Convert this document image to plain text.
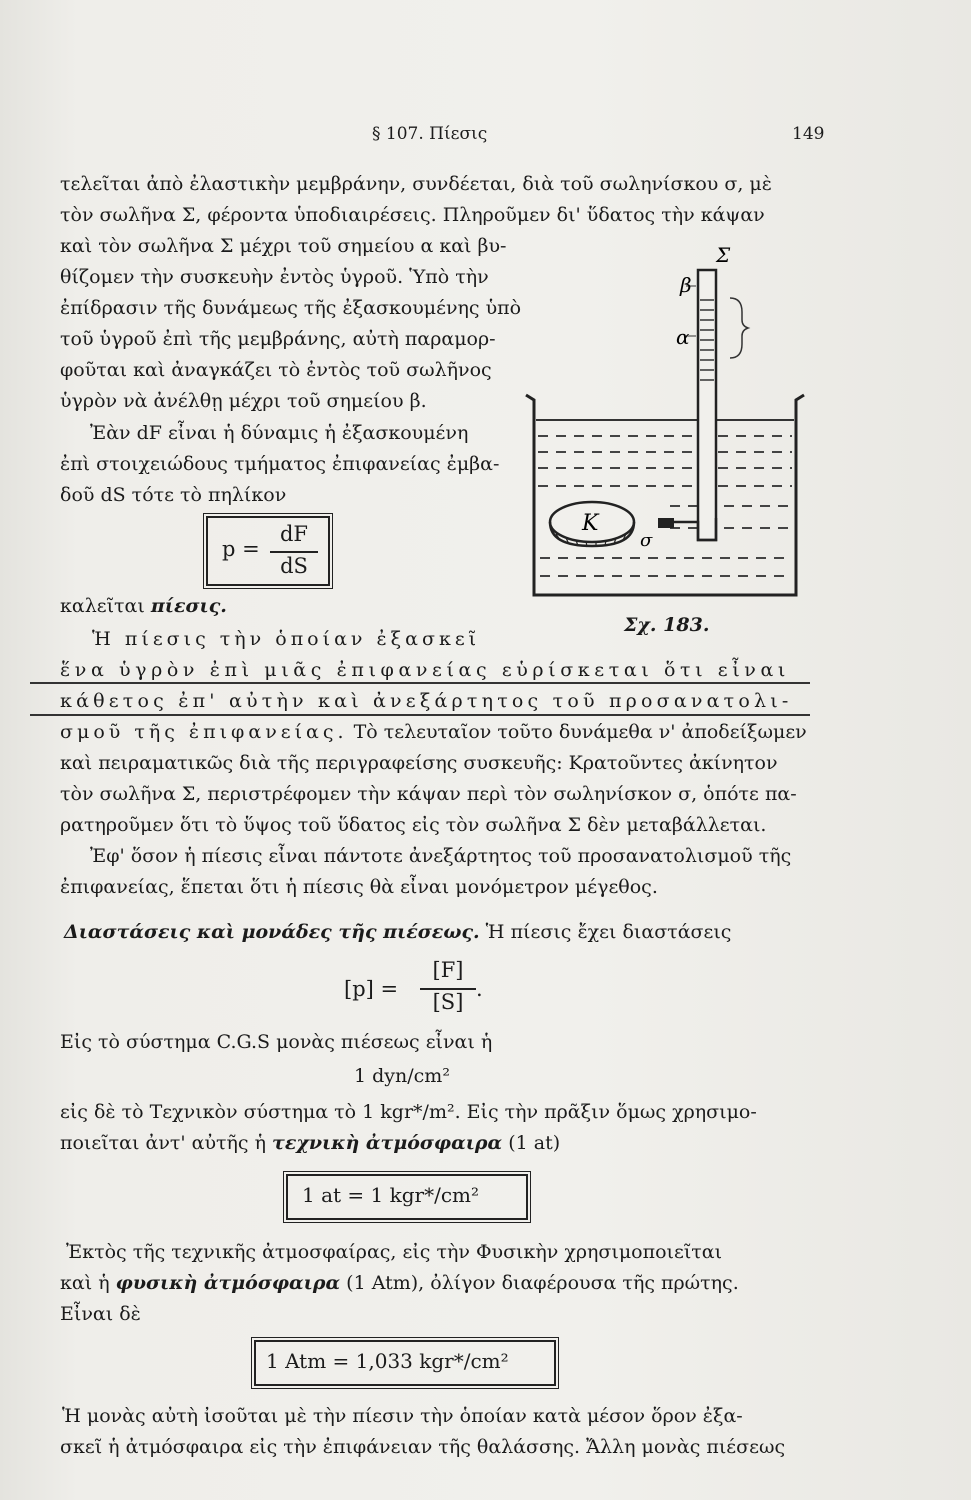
§ 107. Πίεσις	149
τελεῖται ἀπὸ ἐλαστικὴν μεμβράνην, συνδέεται, διὰ τοῦ σωληνίσκου σ, μὲ
τὸν σωλῆνα Σ, φέροντα ὑποδιαιρέσεις. Πληροῦμεν δι' ὕδατος τὴν κάψαν
καὶ τὸν σωλῆνα Σ μέχρι τοῦ σημείου α καὶ βυ-
θίζομεν τὴν συσκευὴν ἐντὸς ὑγροῦ. Ὑπὸ τὴν
ἐπίδρασιν τῆς δυνάμεως τῆς ἐξασκουμένης ὑπὸ
τοῦ ὑγροῦ ἐπὶ τῆς μεμβράνης, αὐτὴ παραμορ-
φοῦται καὶ ἀναγκάζει τὸ ἐντὸς τοῦ σωλῆνος
ὑγρὸν νὰ ἀνέλθῃ μέχρι τοῦ σημείου β.
Ἐὰν dF εἶναι ἡ δύναμις ἡ ἐξασκουμένη
ἐπὶ στοιχειώδους τμήματος ἐπιφανείας ἐμβα-
δοῦ dS τότε τὸ πηλίκον
p =
dF
dS
καλεῖται πίεσις.
Σ
β
α
K
σ
Σχ. 183.
Ἡ πίεσις τὴν ὁποίαν ἐξασκεῖ
ἕνα ὑγρὸν ἐπὶ μιᾶς ἐπιφανείας εὑρίσκεται ὅτι εἶναι
κάθετος ἐπ' αὐτὴν καὶ ἀνεξάρτητος τοῦ προσανατολι-
σμοῦ τῆς ἐπιφανείας. Τὸ τελευταῖον τοῦτο δυνάμεθα ν' ἀποδείξωμεν
καὶ πειραματικῶς διὰ τῆς περιγραφείσης συσκευῆς: Κρατοῦντες ἀκίνητον
τὸν σωλῆνα Σ, περιστρέφομεν τὴν κάψαν περὶ τὸν σωληνίσκον σ, ὁπότε πα-
ρατηροῦμεν ὅτι τὸ ὕψος τοῦ ὕδατος εἰς τὸν σωλῆνα Σ δὲν μεταβάλλεται.
Ἐφ' ὅσον ἡ πίεσις εἶναι πάντοτε ἀνεξάρτητος τοῦ προσανατολισμοῦ τῆς
ἐπιφανείας, ἕπεται ὅτι ἡ πίεσις θὰ εἶναι μονόμετρον μέγεθος.
Διαστάσεις καὶ μονάδες τῆς πιέσεως. Ἡ πίεσις ἔχει διαστάσεις
[p] =
[F]
[S]
.
Εἰς τὸ σύστημα C.G.S μονὰς πιέσεως εἶναι ἡ
1 dyn/cm²
εἰς δὲ τὸ Τεχνικὸν σύστημα τὸ 1 kgr*/m². Εἰς τὴν πρᾶξιν ὅμως χρησιμο-
ποιεῖται ἀντ' αὐτῆς ἡ τεχνικὴ ἀτμόσφαιρα (1 at)
1 at = 1 kgr*/cm²
Ἐκτὸς τῆς τεχνικῆς ἀτμοσφαίρας, εἰς τὴν Φυσικὴν χρησιμοποιεῖται
καὶ ἡ φυσικὴ ἀτμόσφαιρα (1 Atm), ὀλίγον διαφέρουσα τῆς πρώτης.
Εἶναι δὲ
1 Atm = 1,033 kgr*/cm²
Ἡ μονὰς αὐτὴ ἰσοῦται μὲ τὴν πίεσιν τὴν ὁποίαν κατὰ μέσον ὅρον ἐξα-
σκεῖ ἡ ἀτμόσφαιρα εἰς τὴν ἐπιφάνειαν τῆς θαλάσσης. Ἄλλη μονὰς πιέσεως
